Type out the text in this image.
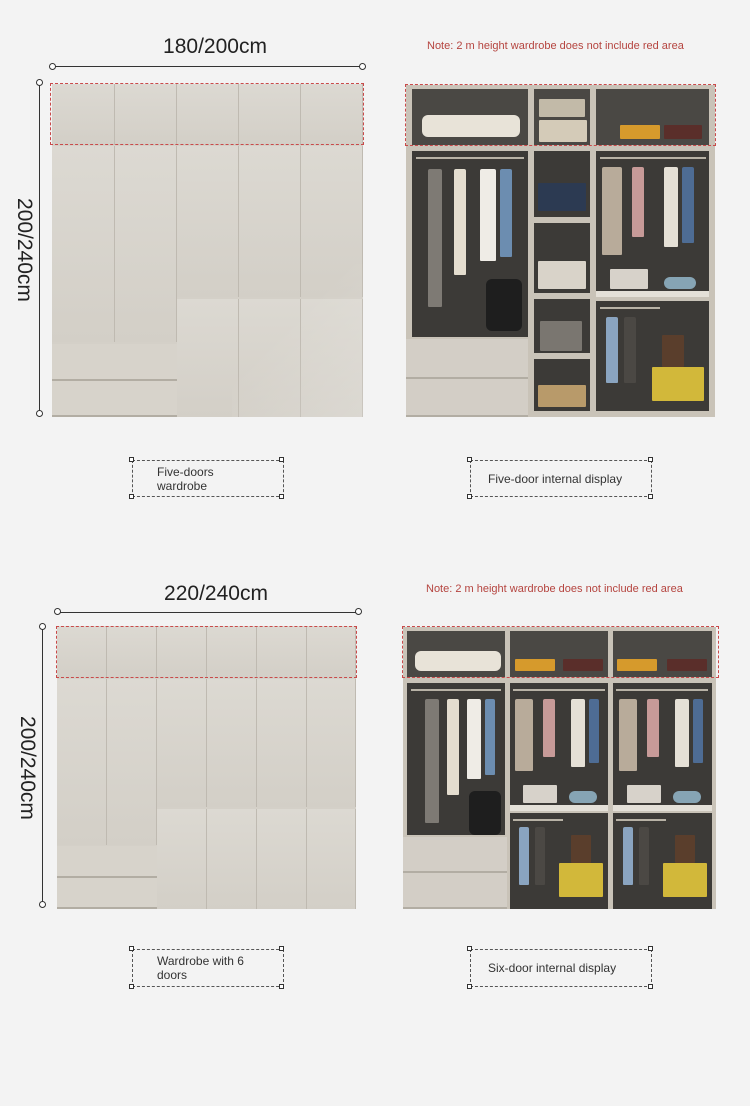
180/200cm
200/240cm
Note: 2 m height wardrobe does not include red area
Five-doors wardrobe	Five-door internal display
220/240cm
200/240cm
Note: 2 m height wardrobe does not include red area
Wardrobe with 6 doors	Six-door internal display
